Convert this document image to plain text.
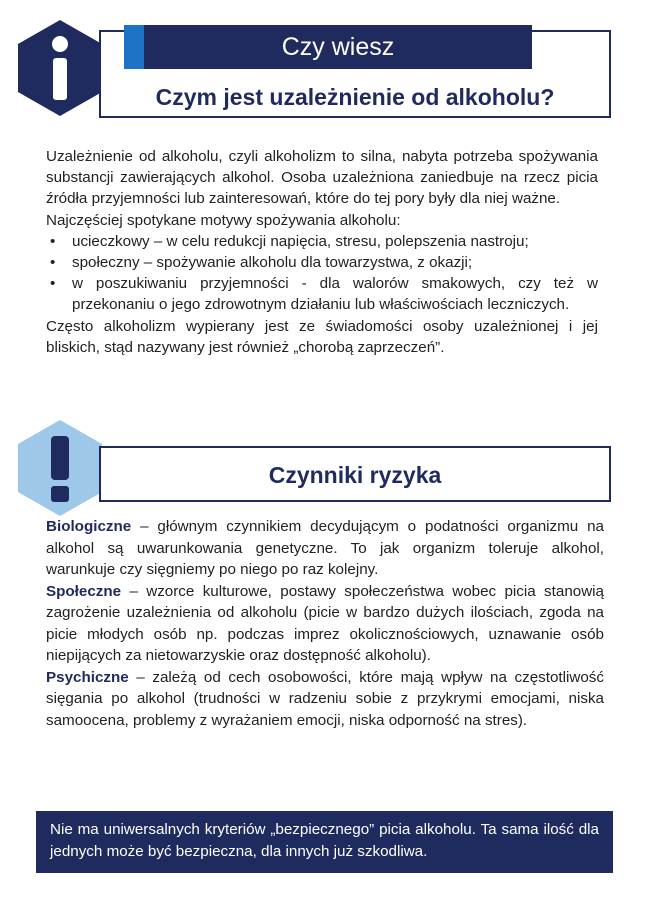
Czy wiesz
Czym jest uzależnienie od alkoholu?

Uzależnienie od alkoholu, czyli alkoholizm to silna, nabyta potrzeba spożywania substancji zawierających alkohol. Osoba uzależniona zaniedbuje na rzecz picia źródła przyjemności lub zainteresowań, które do tej pory były dla niej ważne.

Najczęściej spotykane motywy spożywania alkoholu:

• ucieczkowy – w celu redukcji napięcia, stresu, polepszenia nastroju;
• społeczny – spożywanie alkoholu dla towarzystwa, z okazji;
• w poszukiwaniu przyjemności - dla walorów smakowych, czy też w przekonaniu o jego zdrowotnym działaniu lub właściwościach leczniczych.

Często alkoholizm wypierany jest ze świadomości osoby uzależnionej i jej bliskich, stąd nazywany jest również „chorobą zaprzeczeń”.

Czynniki ryzyka

Biologiczne – głównym czynnikiem decydującym o podatności organizmu na alkohol są uwarunkowania genetyczne. To jak organizm toleruje alkohol, warunkuje czy sięgniemy po niego po raz kolejny.

Społeczne – wzorce kulturowe, postawy społeczeństwa wobec picia stanowią zagrożenie uzależnienia od alkoholu (picie w bardzo dużych ilościach, zgoda na picie młodych osób np. podczas imprez okolicznościowych, uznawanie osób niepijących za nietowarzyskie oraz dostępność alkoholu).

Psychiczne – zależą od cech osobowości, które mają wpływ na częstotliwość sięgania po alkohol (trudności w radzeniu sobie z przykrymi emocjami, niska samoocena, problemy z wyrażaniem emocji, niska odporność na stres).

Nie ma uniwersalnych kryteriów „bezpiecznego” picia alkoholu. Ta sama ilość dla jednych może być bezpieczna, dla innych już szkodliwa.
